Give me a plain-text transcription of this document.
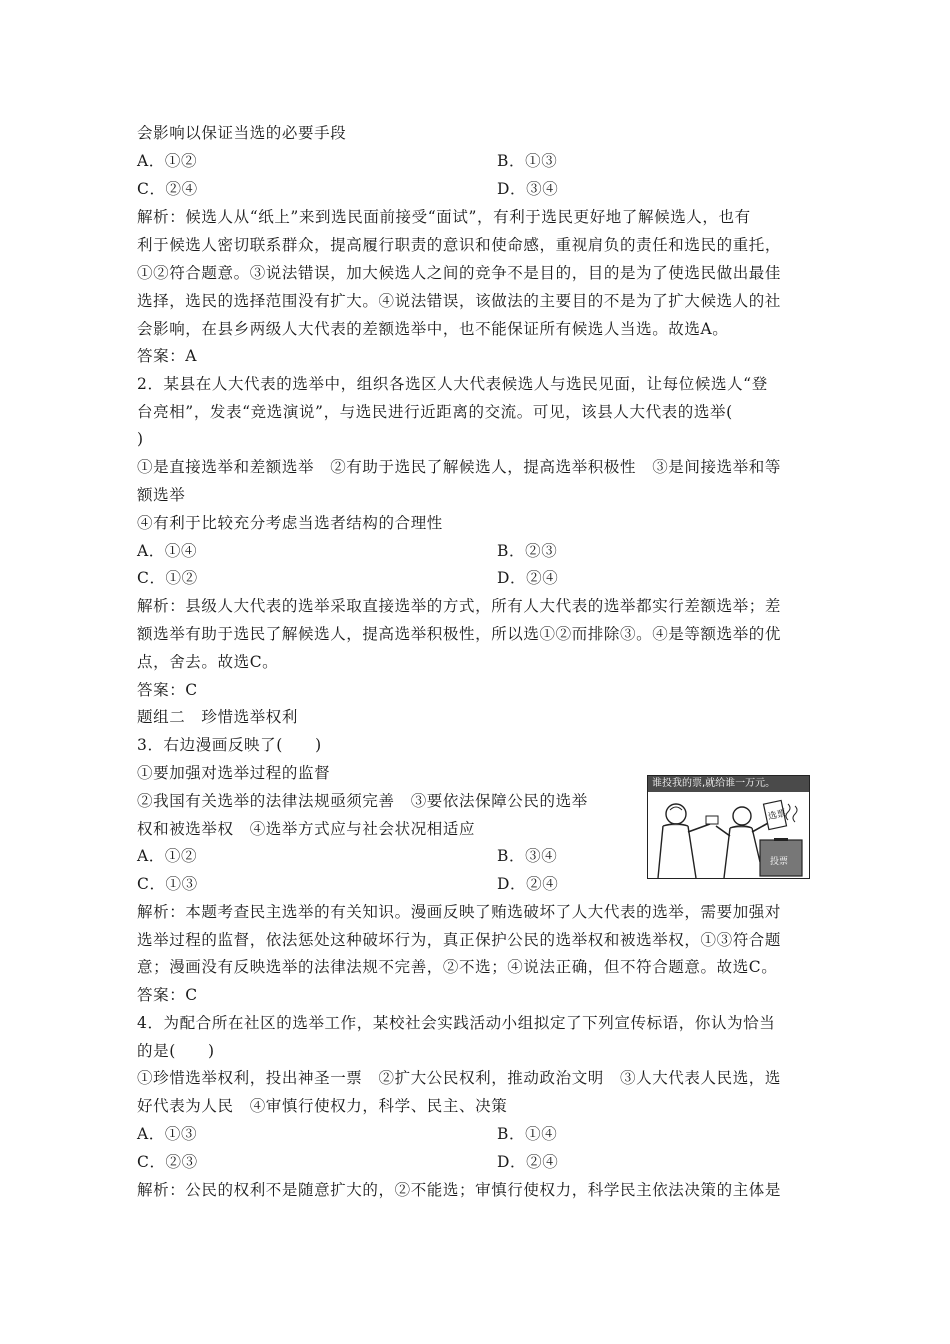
会影响以保证当选的必要手段
A．①②	B．①③
C．②④	D．③④
解析：候选人从“纸上”来到选民面前接受“面试”，有利于选民更好地了解候选人，也有
利于候选人密切联系群众，提高履行职责的意识和使命感，重视肩负的责任和选民的重托，
①②符合题意。③说法错误，加大候选人之间的竞争不是目的，目的是为了使选民做出最佳
选择，选民的选择范围没有扩大。④说法错误，该做法的主要目的不是为了扩大候选人的社
会影响，在县乡两级人大代表的差额选举中，也不能保证所有候选人当选。故选A。
答案：A
2．某县在人大代表的选举中，组织各选区人大代表候选人与选民见面，让每位候选人“登
台亮相”，发表“竞选演说”，与选民进行近距离的交流。可见，该县人大代表的选举(
)
①是直接选举和差额选举　②有助于选民了解候选人，提高选举积极性　③是间接选举和等
额选举
④有利于比较充分考虑当选者结构的合理性
A．①④	B．②③
C．①②	D．②④
解析：县级人大代表的选举采取直接选举的方式，所有人大代表的选举都实行差额选举；差
额选举有助于选民了解候选人，提高选举积极性，所以选①②而排除③。④是等额选举的优
点，舍去。故选C。
答案：C
题组二　珍惜选举权利
3．右边漫画反映了(　　)
①要加强对选举过程的监督
②我国有关选举的法律法规亟须完善　③要依法保障公民的选举
权和被选举权　④选举方式应与社会状况相适应
A．①②	B．③④
C．①③	D．②④
谁投我的票,就给谁一万元。
选票
投票
解析：本题考查民主选举的有关知识。漫画反映了贿选破坏了人大代表的选举，需要加强对
选举过程的监督，依法惩处这种破坏行为，真正保护公民的选举权和被选举权，①③符合题
意；漫画没有反映选举的法律法规不完善，②不选；④说法正确，但不符合题意。故选C。
答案：C
4．为配合所在社区的选举工作，某校社会实践活动小组拟定了下列宣传标语，你认为恰当
的是(　　)
①珍惜选举权利，投出神圣一票　②扩大公民权利，推动政治文明　③人大代表人民选，选
好代表为人民　④审慎行使权力，科学、民主、决策
A．①③	B．①④
C．②③	D．②④
解析：公民的权利不是随意扩大的，②不能选；审慎行使权力，科学民主依法决策的主体是
